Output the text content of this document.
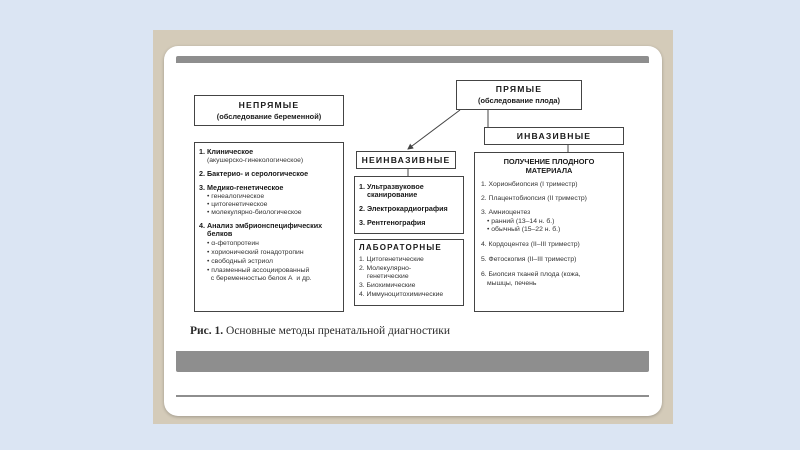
НЕПРЯМЫЕ
(обследование беременной)
1. Клиническое
(акушерско-гинекологическое)
2. Бактерио- и серологическое
3. Медико-генетическое
• генеалогическое
• цитогенетическое
• молекулярно-биологическое
4. Анализ эмбрионспецифических
белков
• α-фетопротеин
• хорионический гонадотропин
• свободный эстриол
• плазменный ассоциированный
с беременностью белок А  и др.
ПРЯМЫЕ
(обследование плода)
ИНВАЗИВНЫЕ
НЕИНВАЗИВНЫЕ
1. Ультразвуковое
сканирование
2. Электрокардиография
3. Рентгенография
ЛАБОРАТОРНЫЕ
1. Цитогенетические
2. Молекулярно-
генетические
3. Биохимические
4. Иммуноцитохимические
ПОЛУЧЕНИЕ ПЛОДНОГО
МАТЕРИАЛА
1. Хорионбиопсия (I триместр)
2. Плацентобиопсия (II триместр)
3. Амниоцентез
• ранний (13–14 н. б.)
• обычный (15–22 н. б.)
4. Кордоцентез (II–III триместр)
5. Фетоскопия (II–III триместр)
6. Биопсия тканей плода (кожа,
мышцы, печень
Рис. 1. Основные методы пренатальной диагностики
